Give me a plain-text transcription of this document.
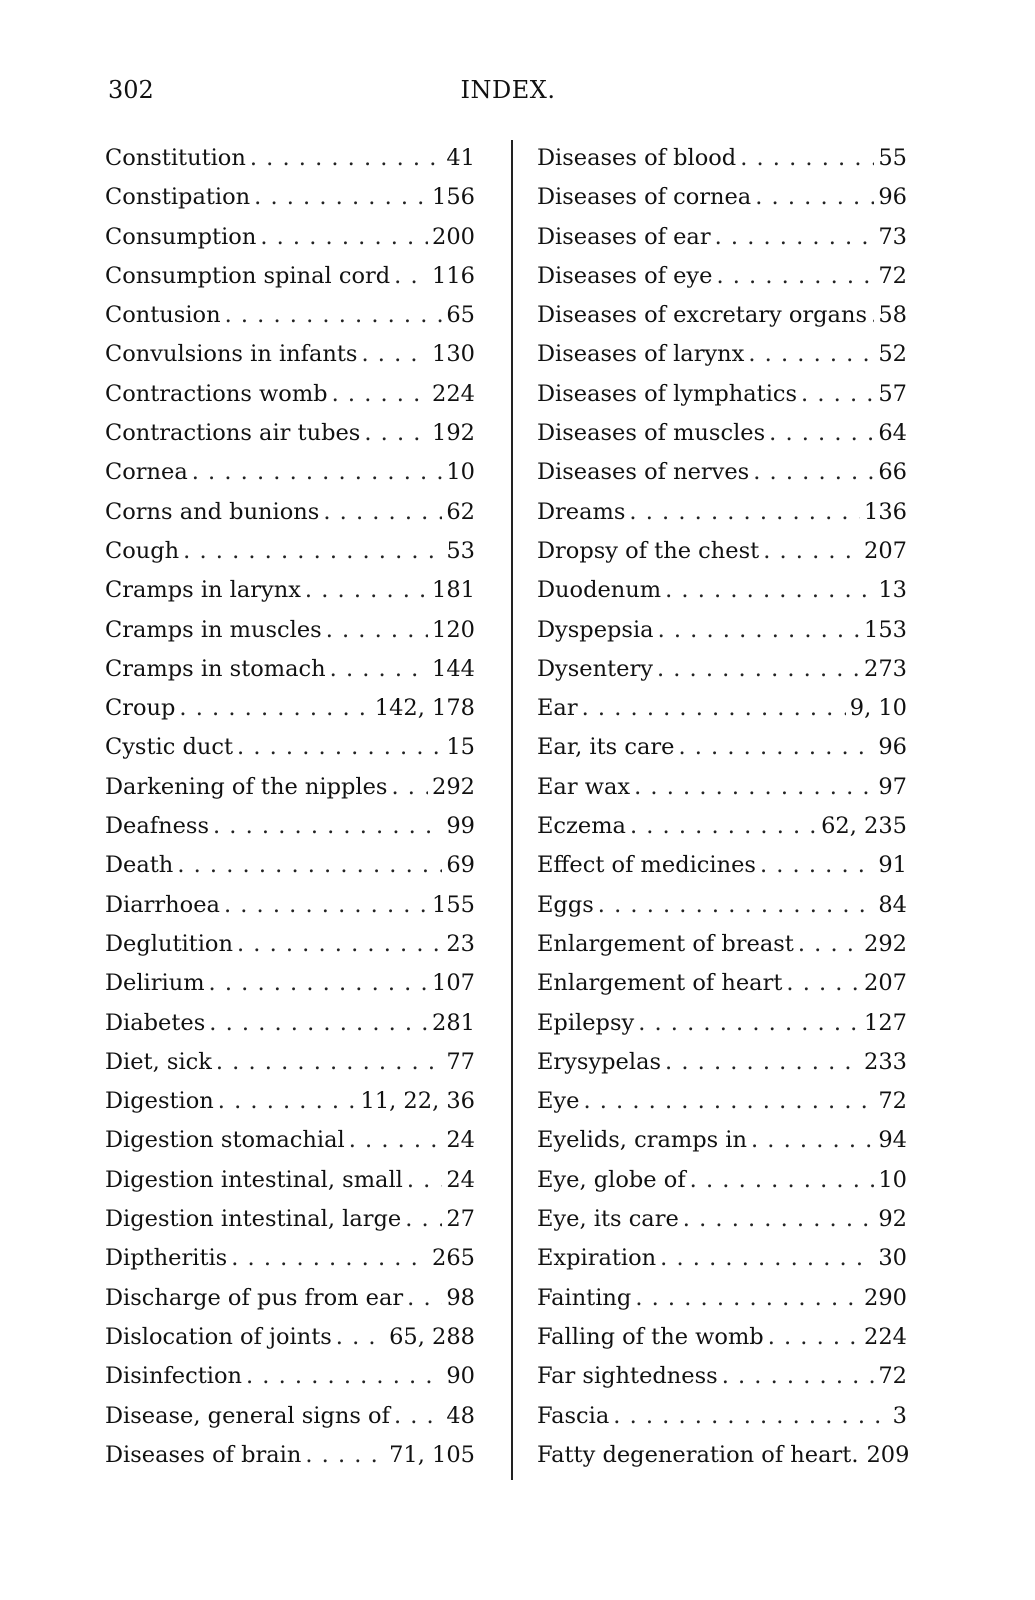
302	INDEX.
Constitution . . .	41
Constipation . . .	156
Consumption . . .	200
Consumption spinal cord . . . 116
Contusion . . .	65
Convulsions in infants . . .	130
Contractions womb . . .	224
Contractions air tubes . . .	192
Cornea . . .	10
Corns and bunions . . .	62
Cough . . .	53
Cramps in larynx . . .	181
Cramps in muscles . . .	120
Cramps in stomach . . .	144
Croup . . .	142, 178
Cystic duct . . .	15
Darkening of the nipples . . . 292
Deafness . . .	99
Death . . .	69
Diarrhoea . . .	155
Deglutition . . .	23
Delirium . . .	107
Diabetes . . .	281
Diet, sick . . .	77
Digestion . . .	11, 22, 36
Digestion stomachial . . .	24
Digestion intestinal, small . . . 24
Digestion intestinal, large . . . 27
Diptheritis . . .	265
Discharge of pus from ear . . . 98
Dislocation of joints . . .	65, 288
Disinfection . . .	90
Disease, general signs of . . .	48
Diseases of brain . . .	71, 105
Diseases of blood . . .	55
Diseases of cornea . . .	96
Diseases of ear . . .	73
Diseases of eye . . .	72
Diseases of excretary organs . . . 58
Diseases of larynx . . .	52
Diseases of lymphatics . . .	57
Diseases of muscles . . .	64
Diseases of nerves . . .	66
Dreams . . .	136
Dropsy of the chest . . .	207
Duodenum . . .	13
Dyspepsia . . .	153
Dysentery . . .	273
Ear . . .	9, 10
Ear, its care . . .	96
Ear wax . . .	97
Eczema . . .	62, 235
Effect of medicines . . .	91
Eggs . . .	84
Enlargement of breast . . .	292
Enlargement of heart . . .	207
Epilepsy . . .	127
Erysypelas . . .	233
Eye . . .	72
Eyelids, cramps in . . .	94
Eye, globe of . . .	10
Eye, its care . . .	92
Expiration . . .	30
Fainting . . .	290
Falling of the womb . . .	224
Far sightedness . . .	72
Fascia . . .	3
Fatty degeneration of heart. 209
